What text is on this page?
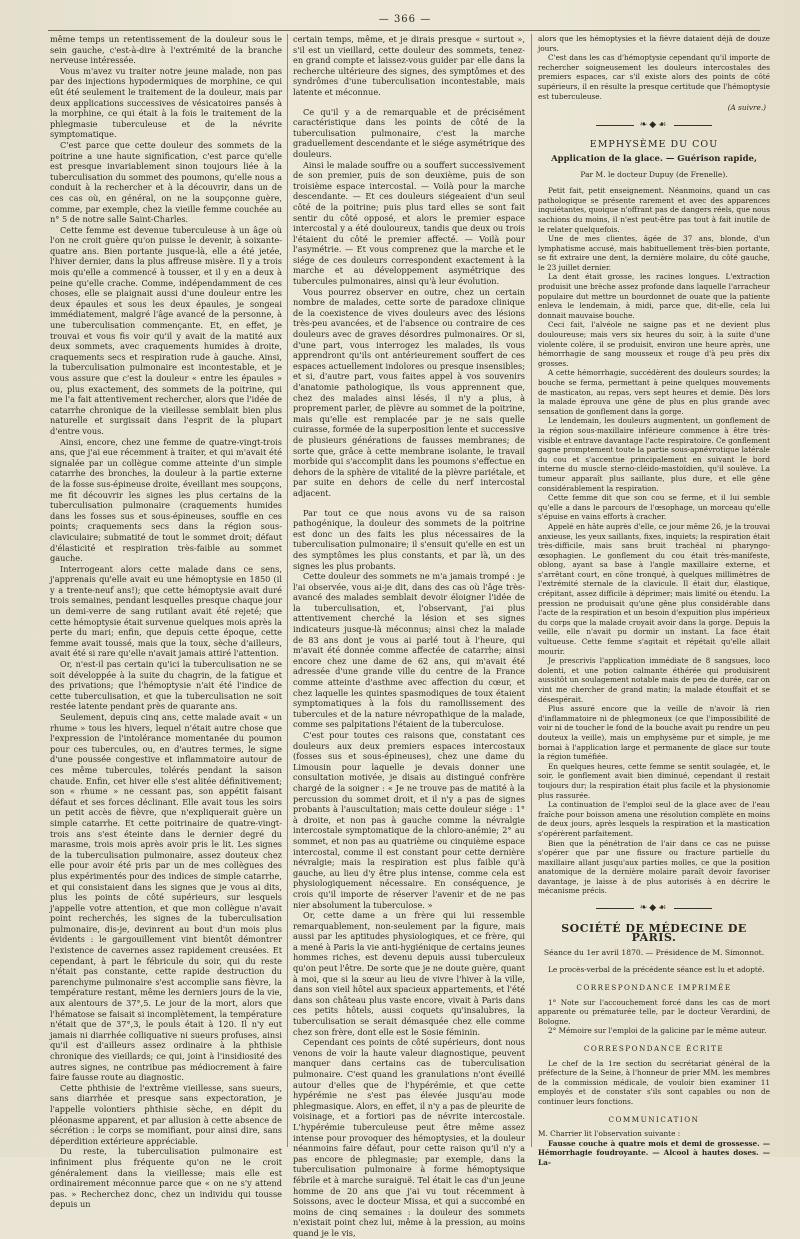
— 366 —

même temps un retentissement de la douleur sous le sein gauche, c'est-à-dire à l'extrémité de la branche nerveuse intéressée.

Vous m'avez vu traiter notre jeune malade, non pas par des injections hypodermiques de morphine, ce qui eût été seulement le traitement de la douleur, mais par deux applications successives de vésicatoires pansés à la morphine, ce qui était à la fois le traitement de la phlegmasie tuberculeuse et de la névrite symptomatique.

C'est parce que cette douleur des sommets de la poitrine a une haute signification, c'est parce qu'elle est presque invariablement sinon toujours liée à la tuberculisation du sommet des poumons, qu'elle nous a conduit à la rechercher et à la découvrir, dans un de ces cas où, en général, on ne la soupçonne guère, comme, par exemple, chez la vieille femme couchée au n° 5 de notre salle Saint-Charles.

Cette femme est devenue tuberculeuse à un âge où l'on ne croit guère qu'on puisse le devenir, à soixante-quatre ans. Bien portante jusque-là, elle a été jetée, l'hiver dernier, dans la plus affreuse misère. Il y a trois mois qu'elle a commencé à tousser, et il y en a deux à peine qu'elle crache. Comme, indépendamment de ces choses, elle se plaignait aussi d'une douleur entre les deux épaules et sous les deux épaules, je songeai immédiatement, malgré l'âge avancé de la personne, à une tuberculisation commençante. Et, en effet, je trouvai et vous fis voir qu'il y avait de la matité aux deux sommets, avec craquements humides à droite, craquements secs et respiration rude à gauche. Ainsi, la tuberculisation pulmonaire est incontestable, et je vous assure que c'est la douleur « entre les épaules » ou, plus exactement, des sommets de la poitrine, qui me l'a fait attentivement rechercher, alors que l'idée de catarrhe chronique de la vieillesse semblait bien plus naturelle et surgissait dans l'esprit de la plupart d'entre vous.

Ainsi, encore, chez une femme de quatre-vingt-trois ans, que j'ai eue récemment à traiter, et qui m'avait été signalée par un collègue comme atteinte d'un simple catarrhe des bronches, la douleur à la partie externe de la fosse sus-épineuse droite, éveillant mes soupçons, me fit découvrir les signes les plus certains de la tuberculisation pulmonaire (craquements humides dans les fosses sus et sous-épineuses, souffle en ces points; craquements secs dans la région sous-claviculaire; submatité de tout le sommet droit; défaut d'élasticité et respiration très-faible au sommet gauche.

Interrogeant alors cette malade dans ce sens, j'apprenais qu'elle avait eu une hémoptysie en 1850 (il y a trente-neuf ans!); que cette hémoptysie avait duré trois semaines, pendant lesquelles presque chaque jour un demi-verre de sang rutilant avait été rejeté; que cette hémoptysie était survenue quelques mois après la perte du mari; enfin, que depuis cette époque, cette femme avait toussé, mais que la toux, sèche d'ailleurs, avait été si rare qu'elle n'avait jamais attiré l'attention.

Or, n'est-il pas certain qu'ici la tuberculisation ne se soit développée à la suite du chagrin, de la fatigue et des privations; que l'hémoptysie n'ait été l'indice de cette tuberculisation, et que la tuberculisation ne soit restée latente pendant près de quarante ans.

Seulement, depuis cinq ans, cette malade avait « un rhume » tous les hivers, lequel n'était autre chose que l'expression de l'intolérance momentanée du poumon pour ces tubercules, ou, en d'autres termes, le signe d'une poussée congestive et inflammatoire autour de ces même tubercules, tolérés pendant la saison chaude. Enfin, cet hiver elle s'est alitée définitivement; son « rhume » ne cessant pas, son appétit faisant défaut et ses forces déclinant. Elle avait tous les soirs un petit accès de fièvre, que n'expliquerait guère un simple catarrhe. Et cette poitrinaire de quatre-vingt-trois ans s'est éteinte dans le dernier degré du marasme, trois mois après avoir pris le lit. Les signes de la tuberculisation pulmonaire, assez douteux chez elle pour avoir été pris par un de mes collègues des plus expérimentés pour des indices de simple catarrhe, et qui consistaient dans les signes que je vous ai dits, plus les points de côté supérieurs, sur lesquels j'appelle votre attention, et que mon collègue n'avait point recherchés, les signes de la tuberculisation pulmonaire, dis-je, devinrent au bout d'un mois plus évidents : le gargouillement vint bientôt démontrer l'existence de cavernes assez rapidement creusées. Et cependant, à part le fébricule du soir, qui du reste n'était pas constante, cette rapide destruction du parenchyme pulmonaire s'est accomplie sans fièvre, la température restant, même les derniers jours de la vie, aux alentours de 37°,5. Le jour de la mort, alors que l'hématose se faisait si incomplètement, la température n'était que de 37°,3, le pouls était à 120. Il n'y eut jamais ni diarrhée colliquative ni sueurs profuses, ainsi qu'il est d'ailleurs assez ordinaire à la phthisie chronique des vieillards; ce qui, joint à l'insidiosité des autres signes, ne contribue pas médiocrement à faire faire fausse route au diagnostic.

Cette phthisie de l'extrême vieillesse, sans sueurs, sans diarrhée et presque sans expectoration, je l'appelle volontiers phthisie sèche, en dépit du pléonasme apparent, et par allusion à cette absence de sécrétion : le corps se momifiant, pour ainsi dire, sans déperdition extérieure appréciable.

Du reste, la tuberculisation pulmonaire est infiniment plus fréquente qu'on ne le croit généralement dans la vieillesse; mais elle est ordinairement méconnue parce que « on ne s'y attend pas. » Recherchez donc, chez un individu qui tousse depuis un

certain temps, même, et je dirais presque « surtout », s'il est un vieillard, cette douleur des sommets, tenez-en grand compte et laissez-vous guider par elle dans la recherche ultérieure des signes, des symptômes et des syndrômes d'une tuberculisation incontestable, mais latente et méconnue.

Ce qu'il y a de remarquable et de précisément caractéristique dans les points de côté de la tuberculisation pulmonaire, c'est la marche graduellement descendante et le siége asymétrique des douleurs.

Ainsi le malade souffre ou a souffert successivement de son premier, puis de son deuxième, puis de son troisième espace intercostal. — Voilà pour la marche descendante. — Et ces douleurs siégeaient d'un seul côté de la poitrine; puis plus tard elles se sont fait sentir du côté opposé, et alors le premier espace intercostal y a été douloureux, tandis que deux ou trois l'étaient du côté le premier affecté. — Voilà pour l'asymétrie. — Et vous comprenez que la marche et le siége de ces douleurs correspondent exactement à la marche et au développement asymétrique des tubercules pulmonaires, ainsi qu'à leur évolution.

Vous pourrez observer en outre, chez un certain nombre de malades, cette sorte de paradoxe clinique de la coexistence de vives douleurs avec des lésions très-peu avancées, et de l'absence ou contraire de ces douleurs avec de graves désordres pulmonaires. Or si, d'une part, vous interrogez les malades, ils vous apprendront qu'ils ont antérieurement souffert de ces espaces actuellement indolores ou presque insensibles; et si, d'autre part, vous faites appel à vos souvenirs d'anatomie pathologique, ils vous apprennent que, chez des malades ainsi lésés, il n'y a plus, à proprement parler, de plèvre au sommet de la poitrine, mais qu'elle est remplacée par je ne sais quelle cuirasse, formée de la superposition lente et successive de plusieurs générations de fausses membranes; de sorte que, grâce à cette membrane isolante, le travail morbide qui s'accomplit dans les poumons s'effectue en dehors de la sphère de vitalité de la plèvre pariétale, et par suite en dehors de celle du nerf intercostal adjacent.

Par tout ce que nous avons vu de sa raison pathogénique, la douleur des sommets de la poitrine est donc un des faits les plus nécessaires de la tuberculisation pulmonaire; il s'ensuit qu'elle en est un des symptômes les plus constants, et par là, un des signes les plus probants.

Cette douleur des sommets ne m'a jamais trompé : je l'ai observée, vous ai-je dit, dans des cas où l'âge très-avancé des malades semblait devoir éloigner l'idée de la tuberculisation, et, l'observant, j'ai plus attentivement cherché la lésion et ses signes indicateurs jusque-là méconnus; ainsi chez la malade de 83 ans dont je vous ai parlé tout à l'heure, qui m'avait été donnée comme affectée de catarrhe; ainsi encore chez une dame de 62 ans, qui m'avait été adressée d'une grande ville du centre de la France comme atteinte d'asthme avec affection du cœur, et chez laquelle les quintes spasmodiques de toux étaient symptomatiques à la fois du ramollissement des tubercules et de la nature névropathique de la malade, comme ses palpitations l'étaient de la tuberculose.

C'est pour toutes ces raisons que, constatant ces douleurs aux deux premiers espaces intercostaux (fosses sus et sous-épineuses), chez une dame du Limousin pour laquelle je devais donner une consultation motivée, je disais au distingué confrère chargé de la soigner : « Je ne trouve pas de matité à la percussion du sommet droit, et il n'y a pas de signes probants à l'auscultation; mais cette douleur siége : 1° à droite, et non pas à gauche comme la névralgie intercostale symptomatique de la chloro-anémie; 2° au sommet, et non pas au quatrième ou cinquième espace intercostal, comme il est constant pour cette dernière névralgie; mais la respiration est plus faible qu'à gauche, au lieu d'y être plus intense, comme cela est physiologiquement nécessaire. En conséquence, je crois qu'il importe de réserver l'avenir et de ne pas nier absolument la tuberculose. »

Or, cette dame a un frère qui lui ressemble remarquablement, non-seulement par la figure, mais aussi par les aptitudes physiologiques, et ce frère, qui a mené à Paris la vie anti-hygiénique de certains jeunes hommes riches, est devenu depuis aussi tuberculeux qu'on peut l'être. De sorte que je ne doute guère, quant à moi, que si la sœur au lieu de vivre l'hiver à la ville, dans son vieil hôtel aux spacieux appartements, et l'été dans son château plus vaste encore, vivait à Paris dans ces petits hôtels, aussi coquets qu'insalubres, la tuberculisation se serait démasquée chez elle comme chez son frère, dont elle est le Sosie féminin.

Cependant ces points de côté supérieurs, dont nous venons de voir la haute valeur diagnostique, peuvent manquer dans certains cas de tuberculisation pulmonaire. C'est quand les granulations n'ont éveillé autour d'elles que de l'hypérémie, et que cette hypérémie ne s'est pas élevée jusqu'au mode phlegmasique. Alors, en effet, il n'y a pas de pleurite de voisinage, et a fortiori pas de névrite intercostale. L'hypérémie tuberculeuse peut être même assez intense pour provoquer des hémoptysies, et la douleur néanmoins faire défaut, pour cette raison qu'il n'y a pas encore de phlegmasie; par exemple, dans la tuberculisation pulmonaire à forme hémoptysique fébrile et à marche suraiguë. Tel était le cas d'un jeune homme de 20 ans que j'ai vu tout récemment à Soissons, avec le docteur Missa, et qui a succombé en moins de cinq semaines : la douleur des sommets n'existait point chez lui, même à la pression, au moins quand je le vis,

alors que les hémoptysies et la fièvre dataient déjà de douze jours.

C'est dans les cas d'hémoptysie cependant qu'il importe de rechercher soigneusement les douleurs intercostales des premiers espaces, car s'il existe alors des points de côté supérieurs, il en résulte la presque certitude que l'hémoptysie est tuberculeuse.

(A suivre.)
❧◆☙
EMPHYSÈME DU COU
Application de la glace. — Guérison rapide,
Par M. le docteur Dupuy (de Frenelle).

Petit fait, petit enseignement. Néanmoins, quand un cas pathologique se présente rarement et avec des apparences inquiétantes, quoique n'offrant pas de dangers réels, que nous sachions du moins, il n'est peut-être pas tout à fait inutile de le relater quelquefois.

Une de mes clientes, âgée de 37 ans, blonde, d'un lymphatisme accusé, mais habituellement très-bien portante, se fit extraire une dent, la dernière molaire, du côté gauche, le 23 juillet dernier.

La dent était grosse, les racines longues. L'extraction produisit une brèche assez profonde dans laquelle l'arracheur populaire dut mettre un bourdonnet de ouate que la patiente enleva le lendemain, à midi, parce que, dit-elle, cela lui donnait mauvaise bouche.

Ceci fait, l'alvéole ne saigne pas et ne devient plus douloureuse; mais vers six heures du soir, à la suite d'une violente colère, il se produisit, environ une heure après, une hémorrhagie de sang mousseux et rouge d'à peu près dix grosses.

A cette hémorrhagie, succédèrent des douleurs sourdes; la bouche se ferma, permettant à peine quelques mouvements de masticaton, au repas, vers sept heures et demie. Dès lors la malade éprouva une gêne de plus en plus grande avec sensation de gonflement dans la gorge.

Le lendemain, les douleurs augmentent, un gonflement de la région sous-maxillaire inférieure commence à être très-visible et entrave davantage l'acte respiratoire. Ce gonflement gagne promptement toute la partie sous-apnévrotique latérale du cou et s'accentue principalement en suivant le bord interne du muscle sterno-cléido-mastoïdien, qu'il soulève. La tumeur apparaît plus saillante, plus dure, et elle gêne considérablement la respiration.

Cette femme dit que son cou se ferme, et il lui semble qu'elle a dans le parcours de l'œsophage, un morceau qu'elle s'épuise en vains efforts à cracher.

Appelé en hâte auprès d'elle, ce jour même 26, je la trouvai anxieuse, les yeux saillants, fixes, inquiets; la respiration était très-difficile, mais sans bruit trachéal ni pharyngo-œsophagien. Le gonflement du cou était très-manifeste, oblong, ayant sa base à l'angle maxillaire externe, et s'arrêtant court, en cône tronqué, à quelques millimètres de l'extrémité sternale de la clavicule. Il était dur, élastique, crépitant, assez difficile à déprimer; mais limité ou étendu. La pression ne produisait qu'une gêne plus considérable dans l'acte de la respiration et un besoin d'expuition plus impérieux du corps que la malade croyait avoir dans la gorge. Depuis la veille, elle n'avait pu dormir un instant. La face était vultueuse. Cette femme s'agitait et répétait qu'elle allait mourir.

Je prescrivis l'application immédiate de 8 sangsues, loco dolenti, et une potion calmante éthérée qui produisirent aussitôt un soulagement notable mais de peu de durée, car on vint me chercher de grand matin; la malade étouffait et se désespérait.

Plus assuré encore que la veille de n'avoir là rien d'inflammatoire ni de phlegmoneux (ce que l'impossibilité de voir ni de toucher le fond de la bouche avait pu rendre un peu douteux la veille), mais un emphysème pur et simple, je me bornai à l'application large et permanente de glace sur toute la région tuméfiée.

En quelques heures, cette femme se sentit soulagée, et, le soir, le gonflement avait bien diminué, cependant il restait toujours dur; la respiration était plus facile et la physionomie plus rassurée.

La continuation de l'emploi seul de la glace avec de l'eau fraîche pour boisson amena une résolution complète en moins de deux jours, après lesquels la respiration et la mastication s'opérèrent parfaitement.

Bien que la pénétration de l'air dans ce cas ne puisse s'opérer que par une fissure ou fracture partielle du maxillaire allant jusqu'aux parties molles, ce que la position anatomique de la dernière molaire paraît devoir favoriser davantage, je laisse à de plus autorisés à en décrire le mécanisme précis.

❧◆☙
SOCIÉTÉ DE MÉDECINE DE PARIS.
Séance du 1er avril 1870. — Présidence de M. Simonnot.

Le procès-verbal de la précédente séance est lu et adopté.

CORRESPONDANCE IMPRIMÉE

1° Note sur l'accouchement forcé dans les cas de mort apparente ou prématurée telle, par le docteur Verardini, de Bologne.

2° Mémoire sur l'emploi de la galicine par le même auteur.

CORRESPONDANCE ÉCRITE

Le chef de la 1re section du secrétariat général de la préfecture de la Seine, à l'honneur de prier MM. les membres de la commission médicale, de vouloir bien examiner 11 employés et de constater s'ils sont capables ou non de continuer leurs fonctions.

COMMUNICATION

M. Charrier lit l'observation suivante :

Fausse couche à quatre mois et demi de grossesse. — Hémorrhagie foudroyante. — Alcool à hautes doses. — La-
